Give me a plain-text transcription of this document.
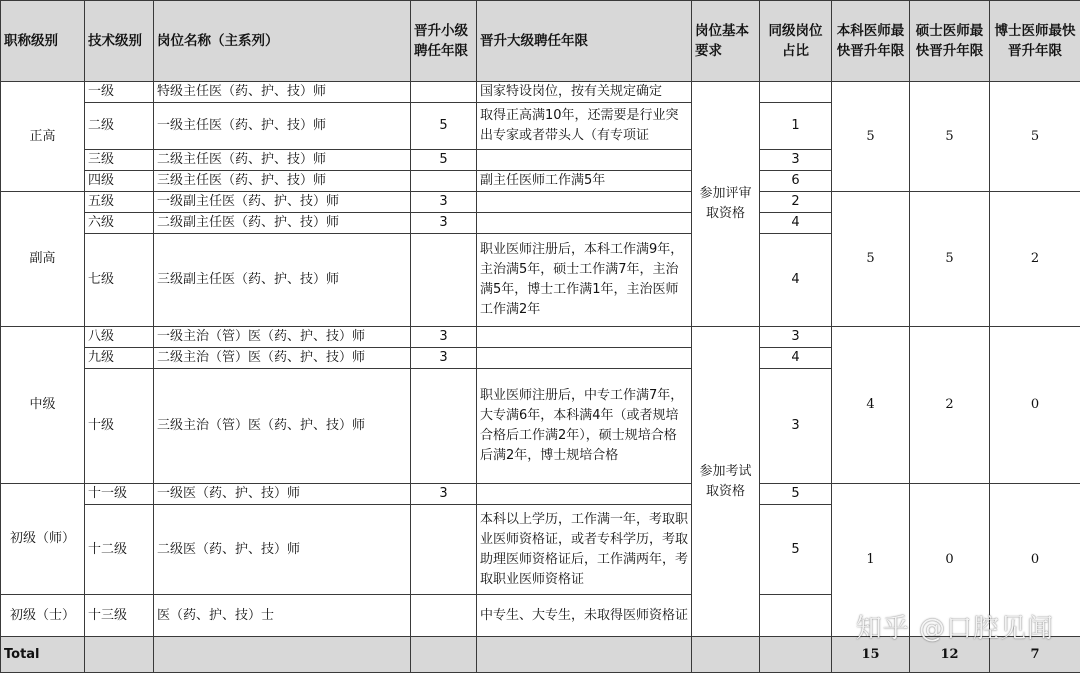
职称级别	技术级别	岗位名称（主系列）	晋升小级聘任年限	晋升大级聘任年限	岗位基本要求	同级岗位占比	本科医师最快晋升年限	硕士医师最快晋升年限	博士医师最快晋升年限
正高	一级	特级主任医（药、护、技）师		国家特设岗位，按有关规定确定	参加评审取资格		5	5	5
	二级	一级主任医（药、护、技）师	5	取得正高满10年，还需要是行业突出专家或者带头人（有专项证		1			
	三级	二级主任医（药、护、技）师	5			3			
	四级	三级主任医（药、护、技）师		副主任医师工作满5年		6			
副高	五级	一级副主任医（药、护、技）师	3			2	5	5	2
	六级	二级副主任医（药、护、技）师	3			4			
	七级	三级副主任医（药、护、技）师		职业医师注册后，本科工作满9年，主治满5年，硕士工作满7年，主治满5年，博士工作满1年，主治医师工作满2年		4			
中级	八级	一级主治（管）医（药、护、技）师	3		参加考试取资格	3	4	2	0
	九级	二级主治（管）医（药、护、技）师	3			4			
	十级	三级主治（管）医（药、护、技）师		职业医师注册后，中专工作满7年，大专满6年，本科满4年（或者规培合格后工作满2年），硕士规培合格后满2年，博士规培合格		3			
初级（师）	十一级	一级医（药、护、技）师	3			5	1	0	0
	十二级	二级医（药、护、技）师		本科以上学历，工作满一年，考取职业医师资格证，或者专科学历，考取助理医师资格证后，工作满两年，考取职业医师资格证		5			
初级（士）	十三级	医（药、护、技）士		中专生、大专生，未取得医师资格证					
Total							15	12	7
知乎 @口腔见闻
